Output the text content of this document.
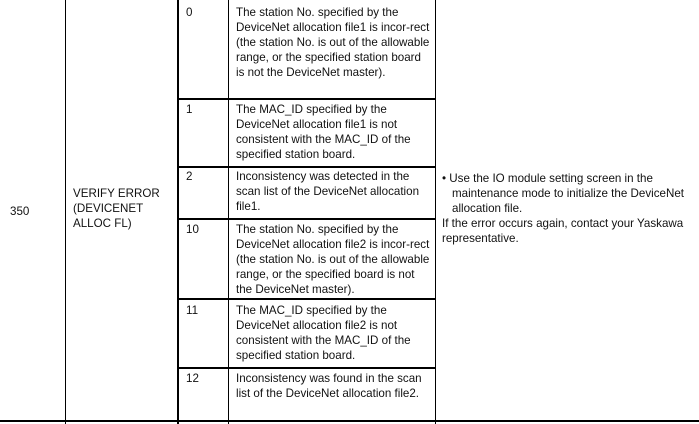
350
VERIFY ERROR
(DEVICENET
ALLOC FL)
0	The station No. specified by the DeviceNet allocation file1 is incor-rect (the station No. is out of the allowable range, or the specified station board is not the DeviceNet master).
1	The MAC_ID specified by the DeviceNet allocation file1 is not consistent with the MAC_ID of the specified station board.
2	Inconsistency was detected in the scan list of the DeviceNet allocation file1.
10	The station No. specified by the DeviceNet allocation file2 is incor-rect (the station No. is out of the allowable range, or the specified board is not the DeviceNet master).
11	The MAC_ID specified by the DeviceNet allocation file2 is not consistent with the MAC_ID of the specified station board.
12	Inconsistency was found in the scan list of the DeviceNet allocation file2.

• Use the IO module setting screen in the maintenance mode to initialize the DeviceNet allocation file.

If the error occurs again, contact your Yaskawa representative.
